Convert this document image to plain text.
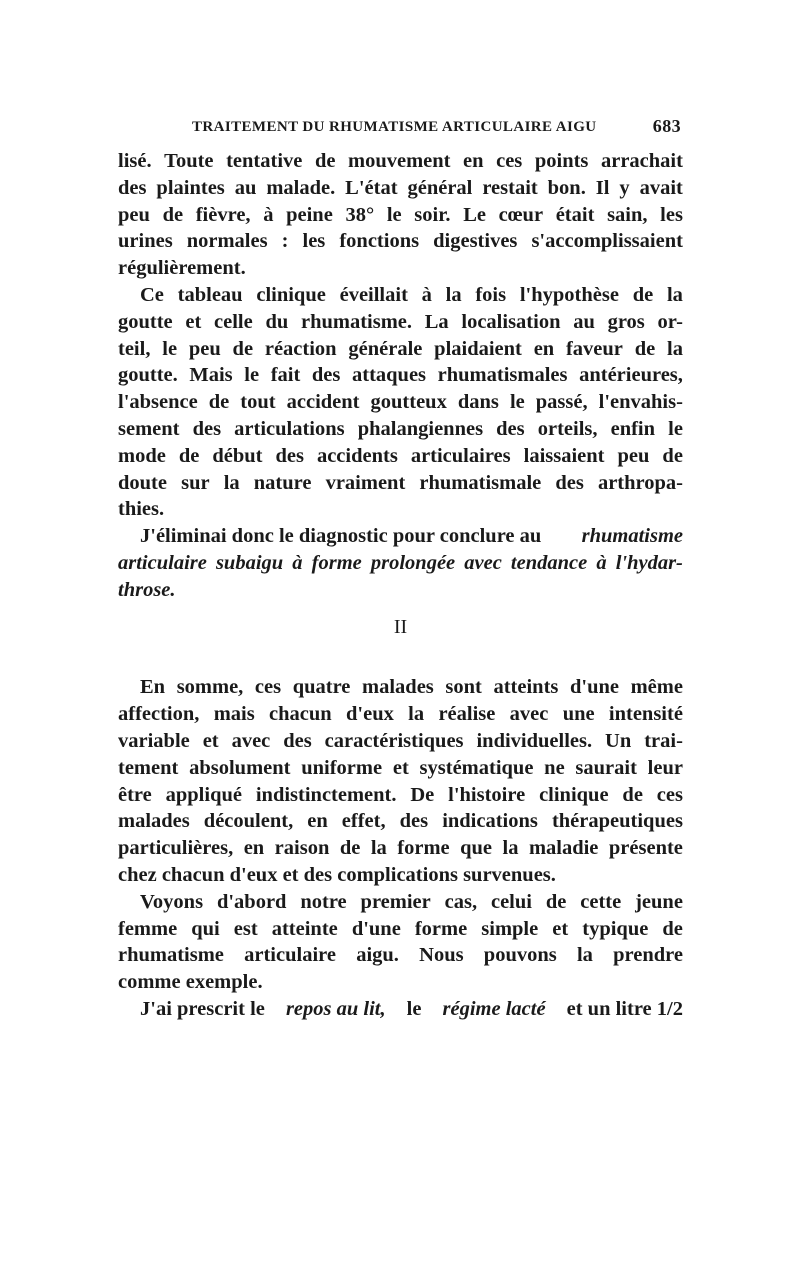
TRAITEMENT DU RHUMATISME ARTICULAIRE AIGU	683
lisé. Toute tentative de mouvement en ces points arrachait
des plaintes au malade. L'état général restait bon. Il y avait
peu de fièvre, à peine 38° le soir. Le cœur était sain, les
urines normales : les fonctions digestives s'accomplissaient
régulièrement.
Ce tableau clinique éveillait à la fois l'hypothèse de la
goutte et celle du rhumatisme. La localisation au gros or-
teil, le peu de réaction générale plaidaient en faveur de la
goutte. Mais le fait des attaques rhumatismales antérieures,
l'absence de tout accident goutteux dans le passé, l'envahis-
sement des articulations phalangiennes des orteils, enfin le
mode de début des accidents articulaires laissaient peu de
doute sur la nature vraiment rhumatismale des arthropa-
thies.
J'éliminai donc le diagnostic pour conclure au rhumatisme
articulaire subaigu à forme prolongée avec tendance à l'hydar-
throse.
II
En somme, ces quatre malades sont atteints d'une même
affection, mais chacun d'eux la réalise avec une intensité
variable et avec des caractéristiques individuelles. Un trai-
tement absolument uniforme et systématique ne saurait leur
être appliqué indistinctement. De l'histoire clinique de ces
malades découlent, en effet, des indications thérapeutiques
particulières, en raison de la forme que la maladie présente
chez chacun d'eux et des complications survenues.
Voyons d'abord notre premier cas, celui de cette jeune
femme qui est atteinte d'une forme simple et typique de
rhumatisme articulaire aigu. Nous pouvons la prendre
comme exemple.
J'ai prescrit le repos au lit, le régime lacté et un litre 1/2
